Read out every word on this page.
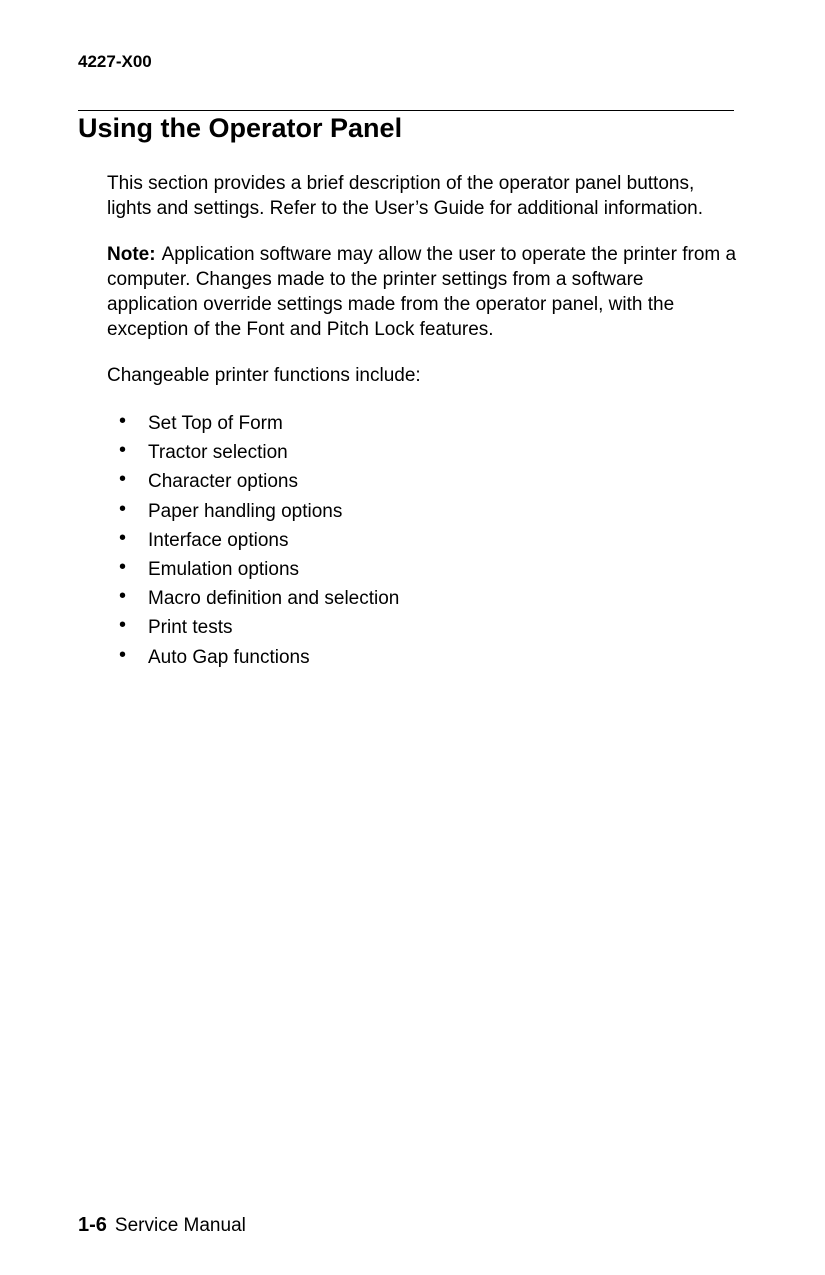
4227-X00
Using the Operator Panel

This section provides a brief description of the operator panel buttons, lights and settings. Refer to the User’s Guide for additional information.

Note: Application software may allow the user to operate the printer from a computer. Changes made to the printer settings from a software application override settings made from the operator panel, with the exception of the Font and Pitch Lock features.

Changeable printer functions include:

• Set Top of Form
• Tractor selection
• Character options
• Paper handling options
• Interface options
• Emulation options
• Macro definition and selection
• Print tests
• Auto Gap functions
1-6 Service Manual
